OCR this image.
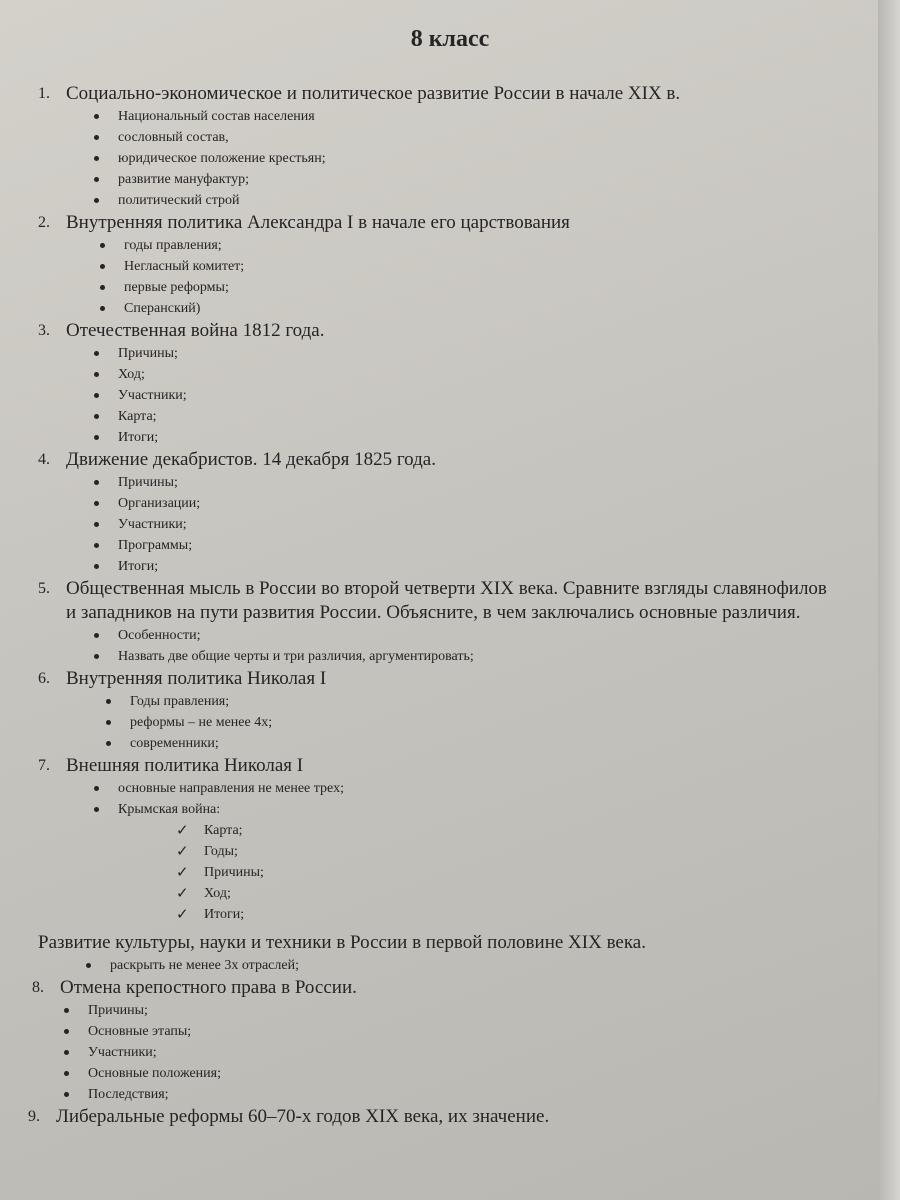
8 класс
1. Социально-экономическое и политическое развитие России в начале XIX в.
Национальный состав населения
сословный состав,
юридическое положение крестьян;
развитие мануфактур;
политический строй
2. Внутренняя политика Александра I в начале его царствования
годы правления;
Негласный комитет;
первые реформы;
Сперанский)
3. Отечественная война 1812 года.
Причины;
Ход;
Участники;
Карта;
Итоги;
4. Движение декабристов. 14 декабря 1825 года.
Причины;
Организации;
Участники;
Программы;
Итоги;
5. Общественная мысль в России во второй четверти XIX века. Сравните взгляды славянофилов и западников на пути развития России. Объясните, в чем заключались основные различия.
Особенности;
Назвать две общие черты и три различия, аргументировать;
6. Внутренняя политика Николая I
Годы правления;
реформы – не менее 4х;
современники;
7. Внешняя политика Николая I
основные направления не менее трех;
Крымская война:
✓ Карта;
✓ Годы;
✓ Причины;
✓ Ход;
✓ Итоги;
Развитие культуры, науки и техники в России в первой половине XIX века.
раскрыть не менее 3х отраслей;
8. Отмена крепостного права в России.
Причины;
Основные этапы;
Участники;
Основные положения;
Последствия;
9. Либеральные реформы 60–70-х годов XIX века, их значение.
